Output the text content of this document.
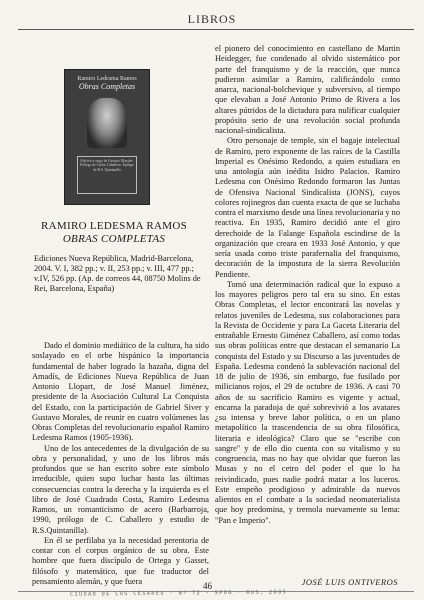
LIBROS
Ramiro Ledesma Ramos
Obras Completas
Edición a cargo de Gustavo Morales. Prólogo de Carlos Caballero. Epílogo de R.S. Quintanilla
RAMIRO LEDESMA RAMOS
OBRAS COMPLETAS
Ediciones Nueva República, Madrid-Barcelona, 2004. V. I, 382 pp.; v. II, 253 pp.; v. III, 477 pp.; v.IV, 526 pp. (Ap. de correos 44, 08750 Molins de Rei, Barcelona, España)

Dado el dominio mediático de la cultura, ha sido soslayado en el orbe hispánico la importancia fundamental de haber logrado la hazaña, digna del Amadís, de Ediciones Nueva República de Juan Antonio Llopart, de José Manuel Jiménez, presidente de la Asociación Cultural La Conquista del Estado, con la participación de Gabriel Siver y Gustavo Morales, de reunir en cuatro volúmenes las Obras Completas del revolucionario español Ramiro Ledesma Ramos (1905-1936).

Uno de los antecedentes de la divulgación de su obra y personalidad, y uno de los libros más profundos que se han escrito sobre este símbolo irreducible, quien supo luchar hasta las últimas consecuencias contra la derecha y la izquierda es el libro de José Cuadrado Costa, Ramiro Ledesma Ramos, un romanticismo de acero (Barbarroja, 1990, prólogo de C. Caballero y estudio de R.S.Quintanilla).

En él se perfilaba ya la necesidad perentoria de contar con el corpus orgánico de su obra. Este hombre que fuera discípulo de Ortega y Gasset, filósofo y matemático, que fue traductor del pensamiento alemán, y que fuera

el pionero del conocimiento en castellano de Martin Heidegger, fue condenado al olvido sistemático por parte del franquismo y de la reacción, que nunca pudieron asimilar a Ramiro, calificándolo como anarca, nacional-bolchevique y subversivo, al tiempo que elevaban a José Antonio Primo de Rivera a los altares pútridos de la dictadura para nulificar cualquier propósito serio de una revolución social profunda nacional-sindicalista.

Otro personaje de temple, sin el bagaje intelectual de Ramiro, pero exponente de las raíces de la Castilla Imperial es Onésimo Redondo, a quien estudiara en una antología aún inédita Isidro Palacios. Ramiro Ledesma con Onésimo Redondo formaron las Juntas de Ofensiva Nacional Sindicalista (JONS), cuyos colores rojinegros dan cuenta exacta de que se luchaba contra el marxismo desde una línea revolucionaria y no reactiva. En 1935, Ramiro decidió ante el giro derechoide de la Falange Española escindirse de la organización que creara en 1933 José Antonio, y que sería usada como triste parafernalia del franquismo, decoración de la impostura de la sierra Revolución Pendiente.

Tomó una determinación radical que lo expuso a los mayores peligros pero tal era su sino. En estas Obras Completas, el lector encontrará las novelas y relatos juveniles de Ledesma, sus colaboraciones para la Revista de Occidente y para La Gaceta Literaria del entrañable Ernesto Giménez Caballero, así como todas sus obras políticas entre que destacan el semanario La conquista del Estado y su Discurso a las juventudes de España. Ledesma condenó la sublevación nacional del 18 de julio de 1936, sin embargo, fue fusilado por milicianos rojos, el 29 de octubre de 1936. A casi 70 años de su sacrificio Ramiro es vigente y actual, encarna la paradoja de qué sobrevivió a los avatares ¿su intensa y breve labor política, o en un plano metapolítico la trascendencia de su obra filosófica, literaria e ideológica? Claro que se "escribe con sangre" y de ello dio cuenta con su vitalismo y su congruencia, mas no hay que olvidar que fueron las Musas y no el cetro del poder el que lo ha reivindicado, pues nadie podrá matar a los luceros. Este empeño prodigioso y admirable da nuevos alientos en el combate a la sociedad neomaterialista que hoy predomina, y tremola nuevamente su lema: "Pan e Imperio".

JOSÉ LUIS ONTIVEROS
46
CIUDAD DE LOS CÉSARES · Nº 72 · SPOG · RUS, 2005
